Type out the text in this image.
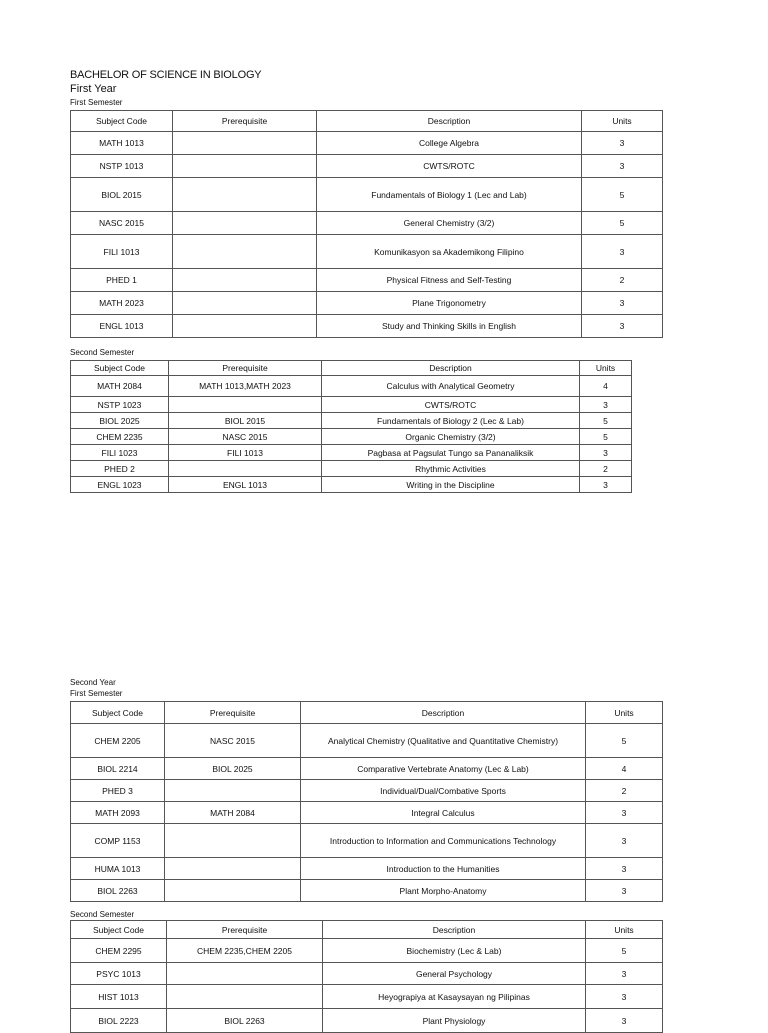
BACHELOR OF SCIENCE IN BIOLOGY
First Year
First Semester
Subject Code	Prerequisite	Description	Units
MATH 1013		College Algebra	3
NSTP 1013		CWTS/ROTC	3
BIOL 2015		Fundamentals of Biology 1 (Lec and Lab)	5
NASC 2015		General Chemistry (3/2)	5
FILI 1013		Komunikasyon sa Akademikong Filipino	3
PHED 1		Physical Fitness and Self-Testing	2
MATH 2023		Plane Trigonometry	3
ENGL 1013		Study and Thinking Skills in English	3
Second Semester
Subject Code	Prerequisite	Description	Units
MATH 2084	MATH 1013,MATH 2023	Calculus with Analytical Geometry	4
NSTP 1023		CWTS/ROTC	3
BIOL 2025	BIOL 2015	Fundamentals of Biology 2 (Lec & Lab)	5
CHEM 2235	NASC 2015	Organic Chemistry (3/2)	5
FILI 1023	FILI 1013	Pagbasa at Pagsulat Tungo sa Pananaliksik	3
PHED 2		Rhythmic Activities	2
ENGL 1023	ENGL 1013	Writing in the Discipline	3
Second Year
First Semester
Subject Code	Prerequisite	Description	Units
CHEM 2205	NASC 2015	Analytical Chemistry (Qualitative and Quantitative Chemistry)	5
BIOL 2214	BIOL 2025	Comparative Vertebrate Anatomy (Lec & Lab)	4
PHED 3		Individual/Dual/Combative Sports	2
MATH 2093	MATH 2084	Integral Calculus	3
COMP 1153		Introduction to Information and Communications Technology	3
HUMA 1013		Introduction to the Humanities	3
BIOL 2263		Plant Morpho-Anatomy	3
Second Semester
Subject Code	Prerequisite	Description	Units
CHEM 2295	CHEM 2235,CHEM 2205	Biochemistry (Lec & Lab)	5
PSYC 1013		General Psychology	3
HIST 1013		Heyograpiya at Kasaysayan ng Pilipinas	3
BIOL 2223	BIOL 2263	Plant Physiology	3
